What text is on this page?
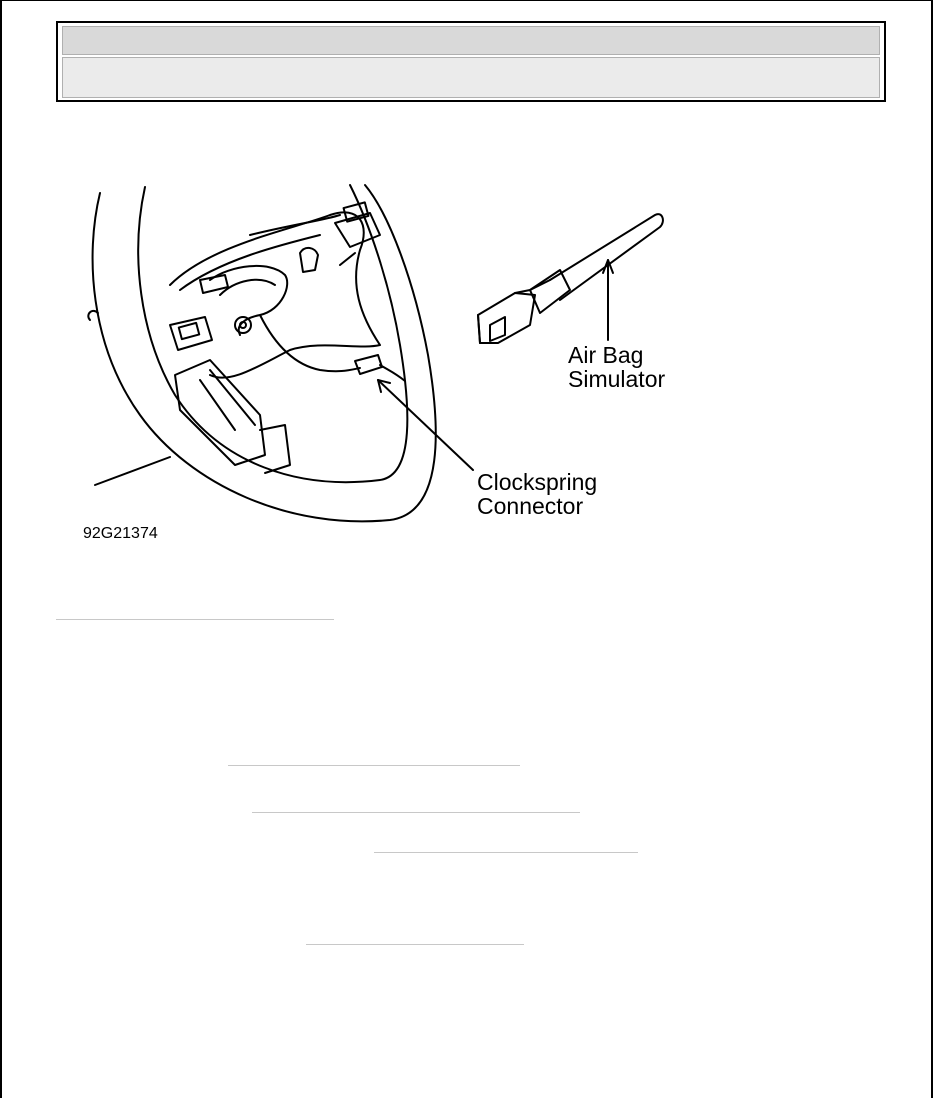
Air Bag
Simulator
Clockspring
Connector
92G21374
